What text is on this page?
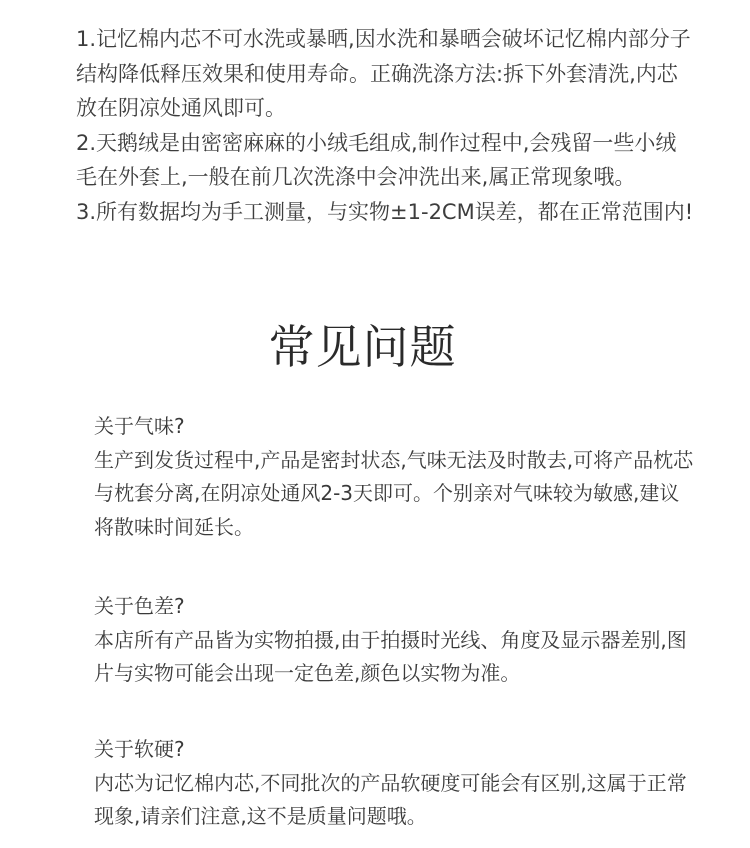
1.记忆棉内芯不可水洗或暴晒,因水洗和暴晒会破坏记忆棉内部分子结构降低释压效果和使用寿命。正确洗涤方法:拆下外套清洗,内芯放在阴凉处通风即可。

2.天鹅绒是由密密麻麻的小绒毛组成,制作过程中,会残留一些小绒毛在外套上,一般在前几次洗涤中会冲洗出来,属正常现象哦。

3.所有数据均为手工测量，与实物±1-2CM误差，都在正常范围内!

常见问题

关于气味?

生产到发货过程中,产品是密封状态,气味无法及时散去,可将产品枕芯与枕套分离,在阴凉处通风2-3天即可。个别亲对气味较为敏感,建议将散味时间延长。

关于色差?

本店所有产品皆为实物拍摄,由于拍摄时光线、角度及显示器差别,图片与实物可能会出现一定色差,颜色以实物为准。

关于软硬?

内芯为记忆棉内芯,不同批次的产品软硬度可能会有区别,这属于正常现象,请亲们注意,这不是质量问题哦。
